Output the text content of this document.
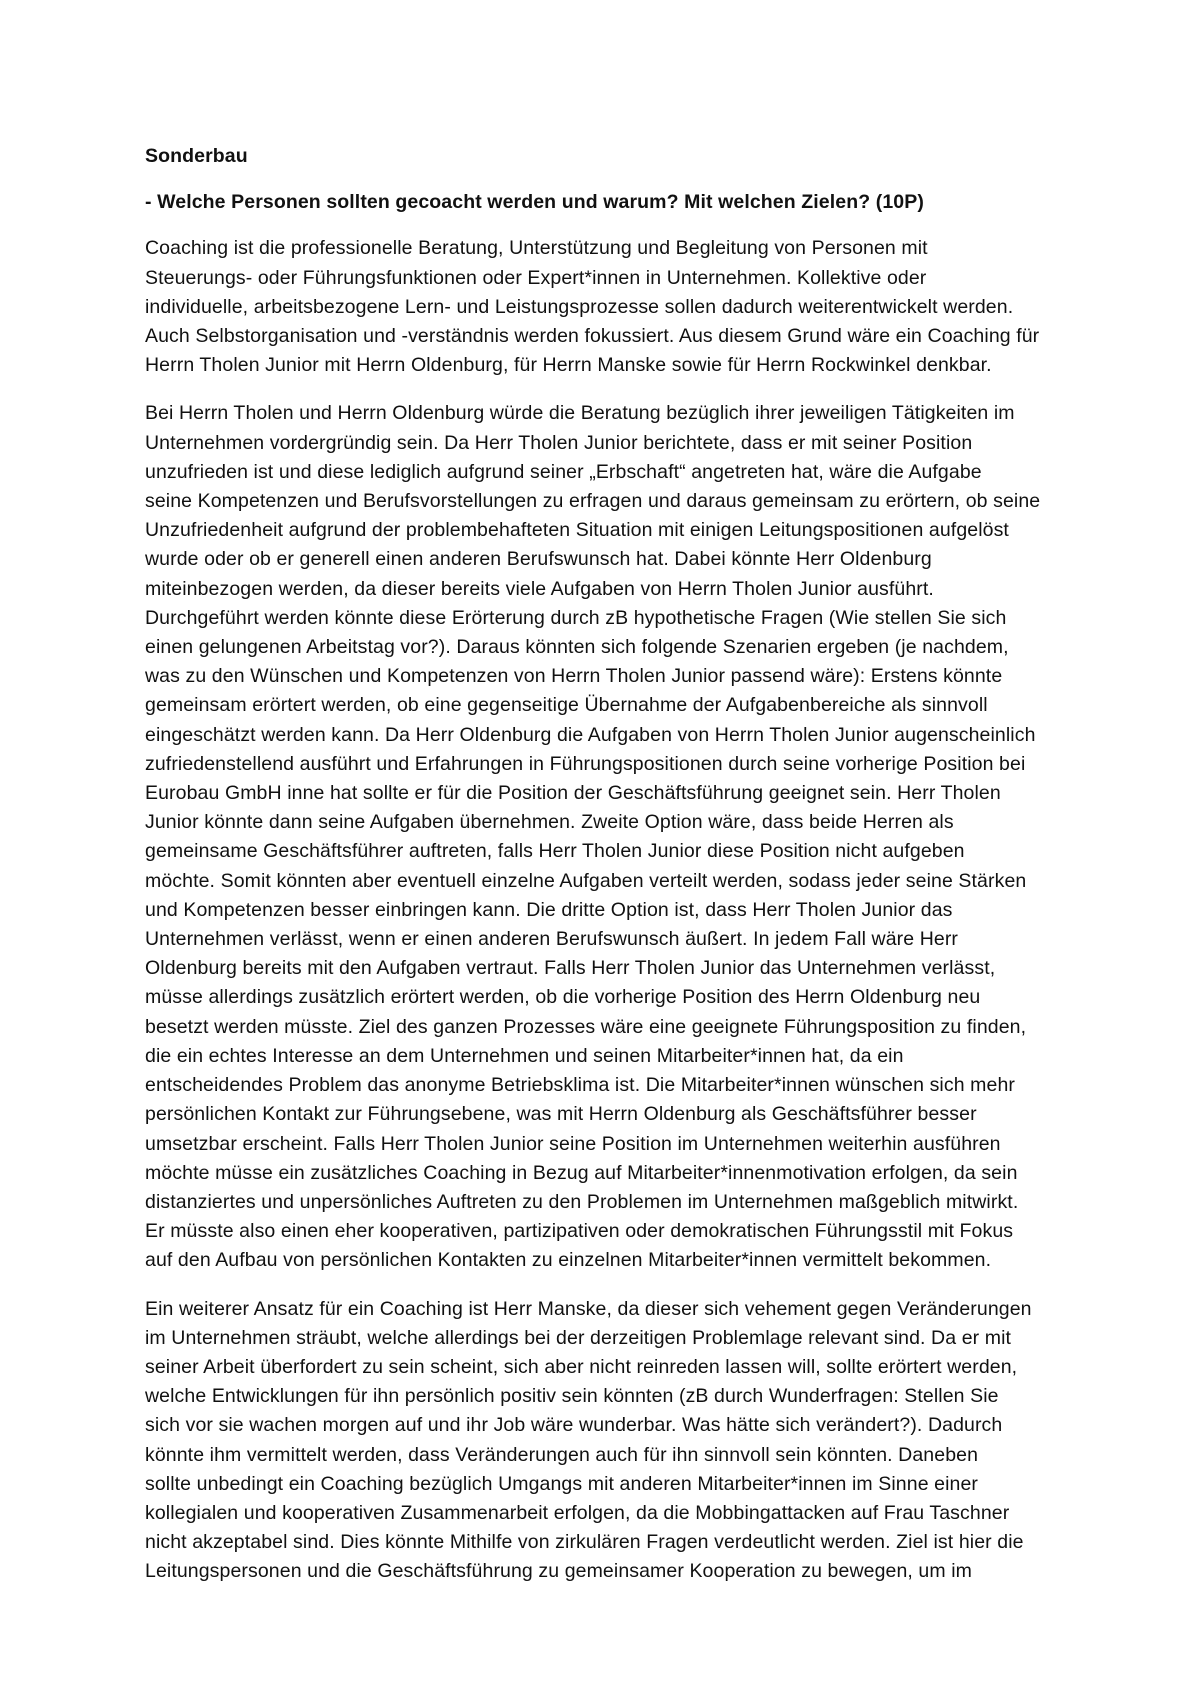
Sonderbau
- Welche Personen sollten gecoacht werden und warum? Mit welchen Zielen? (10P)
Coaching ist die professionelle Beratung, Unterstützung und Begleitung von Personen mit
Steuerungs- oder Führungsfunktionen oder Expert*innen in Unternehmen. Kollektive oder
individuelle, arbeitsbezogene Lern- und Leistungsprozesse sollen dadurch weiterentwickelt werden.
Auch Selbstorganisation und -verständnis werden fokussiert. Aus diesem Grund wäre ein Coaching für
Herrn Tholen Junior mit Herrn Oldenburg, für Herrn Manske sowie für Herrn Rockwinkel denkbar.
Bei Herrn Tholen und Herrn Oldenburg würde die Beratung bezüglich ihrer jeweiligen Tätigkeiten im
Unternehmen vordergründig sein. Da Herr Tholen Junior berichtete, dass er mit seiner Position
unzufrieden ist und diese lediglich aufgrund seiner „Erbschaft“ angetreten hat, wäre die Aufgabe
seine Kompetenzen und Berufsvorstellungen zu erfragen und daraus gemeinsam zu erörtern, ob seine
Unzufriedenheit aufgrund der problembehafteten Situation mit einigen Leitungspositionen aufgelöst
wurde oder ob er generell einen anderen Berufswunsch hat. Dabei könnte Herr Oldenburg
miteinbezogen werden, da dieser bereits viele Aufgaben von Herrn Tholen Junior ausführt.
Durchgeführt werden könnte diese Erörterung durch zB hypothetische Fragen (Wie stellen Sie sich
einen gelungenen Arbeitstag vor?). Daraus könnten sich folgende Szenarien ergeben (je nachdem,
was zu den Wünschen und Kompetenzen von Herrn Tholen Junior passend wäre): Erstens könnte
gemeinsam erörtert werden, ob eine gegenseitige Übernahme der Aufgabenbereiche als sinnvoll
eingeschätzt werden kann. Da Herr Oldenburg die Aufgaben von Herrn Tholen Junior augenscheinlich
zufriedenstellend ausführt und Erfahrungen in Führungspositionen durch seine vorherige Position bei
Eurobau GmbH inne hat sollte er für die Position der Geschäftsführung geeignet sein. Herr Tholen
Junior könnte dann seine Aufgaben übernehmen. Zweite Option wäre, dass beide Herren als
gemeinsame Geschäftsführer auftreten, falls Herr Tholen Junior diese Position nicht aufgeben
möchte. Somit könnten aber eventuell einzelne Aufgaben verteilt werden, sodass jeder seine Stärken
und Kompetenzen besser einbringen kann. Die dritte Option ist, dass Herr Tholen Junior das
Unternehmen verlässt, wenn er einen anderen Berufswunsch äußert. In jedem Fall wäre Herr
Oldenburg bereits mit den Aufgaben vertraut. Falls Herr Tholen Junior das Unternehmen verlässt,
müsse allerdings zusätzlich erörtert werden, ob die vorherige Position des Herrn Oldenburg neu
besetzt werden müsste. Ziel des ganzen Prozesses wäre eine geeignete Führungsposition zu finden,
die ein echtes Interesse an dem Unternehmen und seinen Mitarbeiter*innen hat, da ein
entscheidendes Problem das anonyme Betriebsklima ist. Die Mitarbeiter*innen wünschen sich mehr
persönlichen Kontakt zur Führungsebene, was mit Herrn Oldenburg als Geschäftsführer besser
umsetzbar erscheint. Falls Herr Tholen Junior seine Position im Unternehmen weiterhin ausführen
möchte müsse ein zusätzliches Coaching in Bezug auf Mitarbeiter*innenmotivation erfolgen, da sein
distanziertes und unpersönliches Auftreten zu den Problemen im Unternehmen maßgeblich mitwirkt.
Er müsste also einen eher kooperativen, partizipativen oder demokratischen Führungsstil mit Fokus
auf den Aufbau von persönlichen Kontakten zu einzelnen Mitarbeiter*innen vermittelt bekommen.
Ein weiterer Ansatz für ein Coaching ist Herr Manske, da dieser sich vehement gegen Veränderungen
im Unternehmen sträubt, welche allerdings bei der derzeitigen Problemlage relevant sind. Da er mit
seiner Arbeit überfordert zu sein scheint, sich aber nicht reinreden lassen will, sollte erörtert werden,
welche Entwicklungen für ihn persönlich positiv sein könnten (zB durch Wunderfragen: Stellen Sie
sich vor sie wachen morgen auf und ihr Job wäre wunderbar. Was hätte sich verändert?). Dadurch
könnte ihm vermittelt werden, dass Veränderungen auch für ihn sinnvoll sein könnten. Daneben
sollte unbedingt ein Coaching bezüglich Umgangs mit anderen Mitarbeiter*innen im Sinne einer
kollegialen und kooperativen Zusammenarbeit erfolgen, da die Mobbingattacken auf Frau Taschner
nicht akzeptabel sind. Dies könnte Mithilfe von zirkulären Fragen verdeutlicht werden. Ziel ist hier die
Leitungspersonen und die Geschäftsführung zu gemeinsamer Kooperation zu bewegen, um im
